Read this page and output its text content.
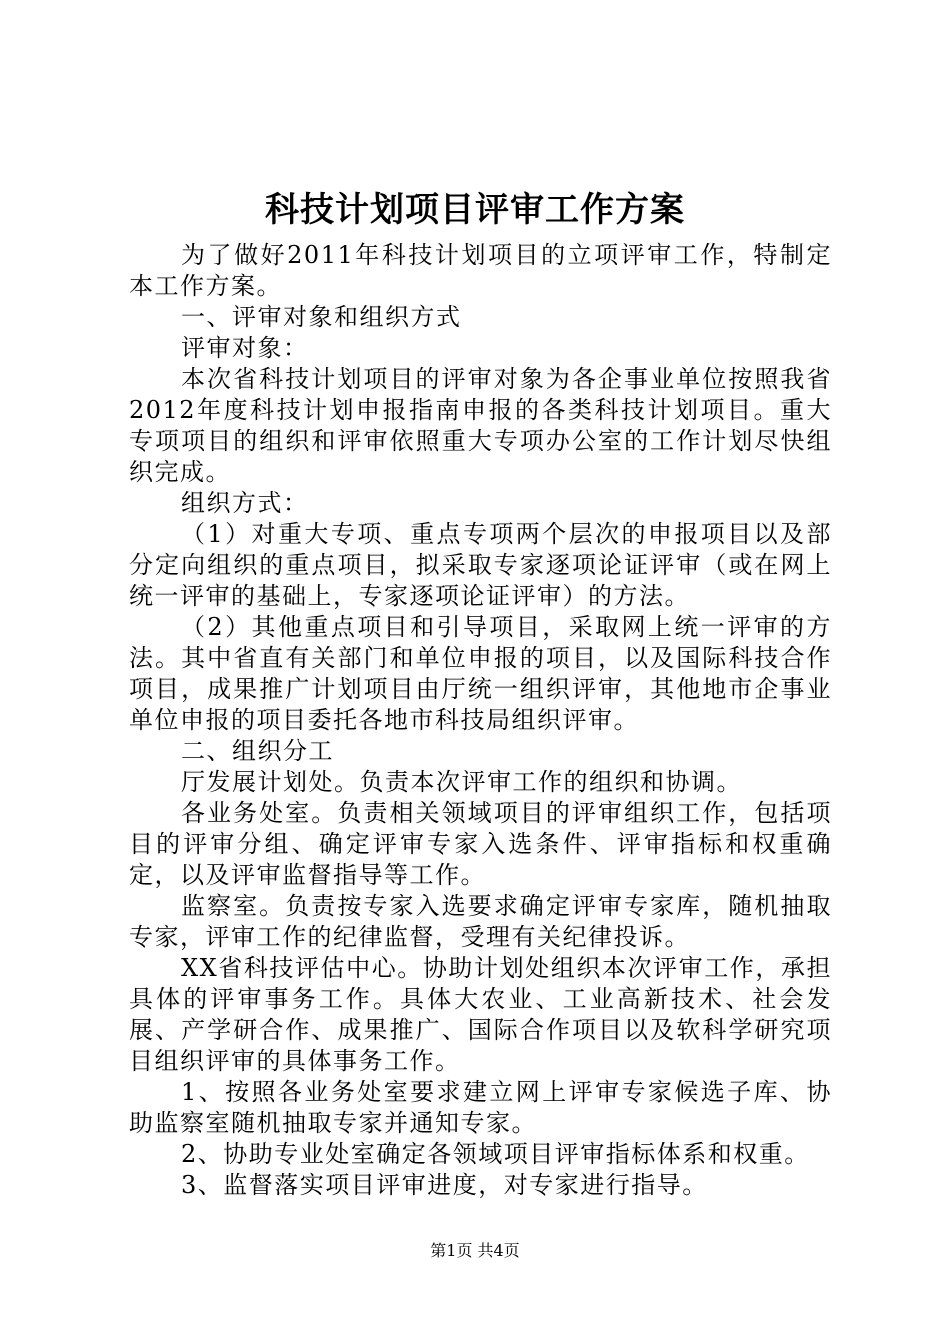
科技计划项目评审工作方案

为了做好2011年科技计划项目的立项评审工作，特制定本工作方案。

一、评审对象和组织方式

评审对象：

本次省科技计划项目的评审对象为各企事业单位按照我省2012年度科技计划申报指南申报的各类科技计划项目。重大专项项目的组织和评审依照重大专项办公室的工作计划尽快组织完成。

组织方式：

（1）对重大专项、重点专项两个层次的申报项目以及部分定向组织的重点项目，拟采取专家逐项论证评审（或在网上统一评审的基础上，专家逐项论证评审）的方法。

（2）其他重点项目和引导项目，采取网上统一评审的方法。其中省直有关部门和单位申报的项目，以及国际科技合作项目，成果推广计划项目由厅统一组织评审，其他地市企事业单位申报的项目委托各地市科技局组织评审。

二、组织分工

厅发展计划处。负责本次评审工作的组织和协调。

各业务处室。负责相关领域项目的评审组织工作，包括项目的评审分组、确定评审专家入选条件、评审指标和权重确定，以及评审监督指导等工作。

监察室。负责按专家入选要求确定评审专家库，随机抽取专家，评审工作的纪律监督，受理有关纪律投诉。

XX省科技评估中心。协助计划处组织本次评审工作，承担具体的评审事务工作。具体大农业、工业高新技术、社会发展、产学研合作、成果推广、国际合作项目以及软科学研究项目组织评审的具体事务工作。

1、按照各业务处室要求建立网上评审专家候选子库、协助监察室随机抽取专家并通知专家。

2、协助专业处室确定各领域项目评审指标体系和权重。

3、监督落实项目评审进度，对专家进行指导。

第1页 共4页
